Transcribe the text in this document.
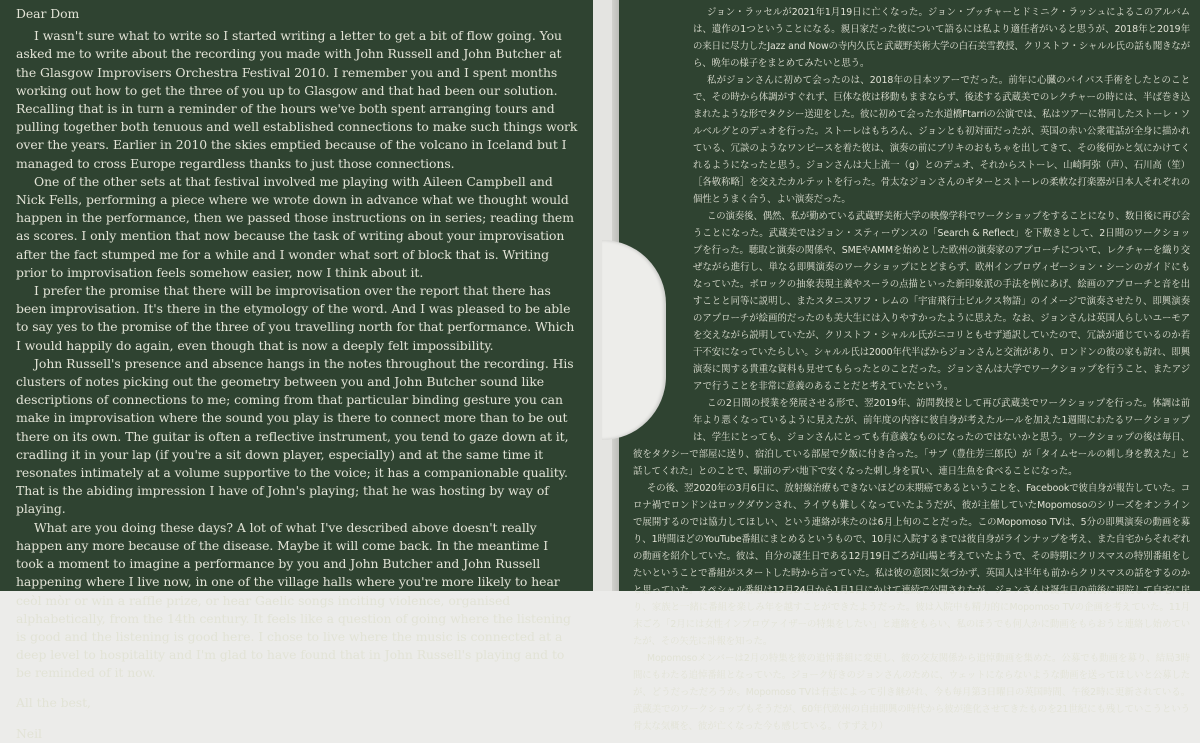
Dear Dom

I wasn't sure what to write so I started writing a letter to get a bit of flow going. You asked me to write about the recording you made with John Russell and John Butcher at the Glasgow Improvisers Orchestra Festival 2010. I remember you and I spent months working out how to get the three of you up to Glasgow and that had been our solution. Recalling that is in turn a reminder of the hours we've both spent arranging tours and pulling together both tenuous and well established connections to make such things work over the years. Earlier in 2010 the skies emptied because of the volcano in Iceland but I managed to cross Europe regardless thanks to just those connections.

One of the other sets at that festival involved me playing with Aileen Campbell and Nick Fells, performing a piece where we wrote down in advance what we thought would happen in the performance, then we passed those instructions on in series; reading them as scores. I only mention that now because the task of writing about your improvisation after the fact stumped me for a while and I wonder what sort of block that is. Writing prior to improvisation feels somehow easier, now I think about it.

I prefer the promise that there will be improvisation over the report that there has been improvisation. It's there in the etymology of the word. And I was pleased to be able to say yes to the promise of the three of you travelling north for that performance. Which I would happily do again, even though that is now a deeply felt impossibility.

John Russell's presence and absence hangs in the notes throughout the recording. His clusters of notes picking out the geometry between you and John Butcher sound like descriptions of connections to me; coming from that particular binding gesture you can make in improvisation where the sound you play is there to connect more than to be out there on its own. The guitar is often a reflective instrument, you tend to gaze down at it, cradling it in your lap (if you're a sit down player, especially) and at the same time it resonates intimately at a volume supportive to the voice; it has a companionable quality. That is the abiding impression I have of John's playing; that he was hosting by way of playing.

What are you doing these days? A lot of what I've described above doesn't really happen any more because of the disease. Maybe it will come back. In the meantime I took a moment to imagine a performance by you and John Butcher and John Russell happening where I live now, in one of the village halls where you're more likely to hear ceòl mòr or win a raffle prize, or hear Gaelic songs inciting violence, organised alphabetically, from the 14th century. It feels like a question of going where the listening is good and the listening is good here. I chose to live where the music is connected at a deep level to hospitality and I'm glad to have found that in John Russell's playing and to be reminded of it now.

All the best,

Neil

ジョン・ラッセルが2021年1月19日に亡くなった。ジョン・ブッチャーとドミニク・ラッシュによるこのアルバムは、遺作の1つということになる。親日家だった彼について語るには私より適任者がいると思うが、2018年と2019年の来日に尽力したJazz and Nowの寺内久氏と武蔵野美術大学の白石美雪教授、クリストフ・シャルル氏の話も聞きながら、晩年の様子をまとめてみたいと思う。

私がジョンさんに初めて会ったのは、2018年の日本ツアーでだった。前年に心臓のバイパス手術をしたとのことで、その時から体調がすぐれず、巨体な彼は移動もままならず、後述する武蔵美でのレクチャーの時には、半ば巻き込まれたような形でタクシー送迎をした。彼に初めて会った水道橋Ftarriの公演では、私はツアーに帯同したストーレ・ソルベルグとのデュオを行った。ストーレはもちろん、ジョンとも初対面だったが、英国の赤い公衆電話が全身に描かれている、冗談のようなワンピースを着た彼は、演奏の前にブリキのおもちゃを出してきて、その後何かと気にかけてくれるようになったと思う。ジョンさんは大上流一（g）とのデュオ、それからストーレ、山崎阿弥（声）、石川高（笙）［各敬称略］を交えたカルテットを行った。骨太なジョンさんのギターとストーレの柔軟な打楽器が日本人それぞれの個性とうまく合う、よい演奏だった。

この演奏後、偶然、私が勤めている武蔵野美術大学の映像学科でワークショップをすることになり、数日後に再び会うことになった。武蔵美ではジョン・スティーヴンスの「Search & Reflect」を下敷きとして、2日間のワークショップを行った。聴取と演奏の関係や、SMEやAMMを始めとした欧州の演奏家のアプローチについて、レクチャーを織り交ぜながら進行し、単なる即興演奏のワークショップにとどまらず、欧州インプロヴィゼーション・シーンのガイドにもなっていた。ボロックの抽象表現主義やスーラの点描といった新印象派の手法を例にあげ、絵画のアプローチと音を出すことと同等に説明し、またスタニスワフ・レムの「宇宙飛行士ピルクス物語」のイメージで演奏させたり、即興演奏のアプローチが絵画的だったのも美大生には入りやすかったように思えた。なお、ジョンさんは英国人らしいユーモアを交えながら説明していたが、クリストフ・シャルル氏がニコリともせず通訳していたので、冗談が通じているのか若干不安になっていたらしい。シャルル氏は2000年代半ばからジョンさんと交流があり、ロンドンの彼の家も訪れ、即興演奏に関する貴重な資料も見せてもらったとのことだった。ジョンさんは大学でワークショップを行うこと、またアジアで行うことを非常に意義のあることだと考えていたという。

この2日間の授業を発展させる形で、翌2019年、訪問教授として再び武蔵美でワークショップを行った。体調は前年より悪くなっているように見えたが、前年度の内容に彼自身が考えたルールを加えた1週間にわたるワークショップは、学生にとっても、ジョンさんにとっても有意義なものになったのではないかと思う。ワークショップの後は毎日、彼をタクシーで部屋に送り、宿泊している部屋で夕飯に付き合った。「サブ（豊住芳三郎氏）が「タイムセールの刺し身を教えた」と話してくれた」とのことで、駅前のデパ地下で安くなった刺し身を買い、連日生魚を食べることになった。

その後、翌2020年の3月6日に、放射線治療もできないほどの末期癌であるということを、Facebookで彼自身が報告していた。コロナ禍でロンドンはロックダウンされ、ライヴも難しくなっていたようだが、彼が主催していたMopomosoのシリーズをオンラインで展開するのでは協力してほしい、という連絡が来たのは6月上旬のことだった。このMopomoso TVは、5分の即興演奏の動画を募り、1時間ほどのYouTube番組にまとめるというもので、10月に入院するまでは彼自身がラインナップを考え、また自宅からそれぞれの動画を紹介していた。彼は、自分の誕生日である12月19日ごろが山場と考えていたようで、その時期にクリスマスの特別番組をしたいということで番組がスタートした時から言っていた。私は彼の意図に気づかず、英国人は半年も前からクリスマスの話をするのかと思っていた。スペシャル番組は12月24日から1月1日にかけて連続で公開されたが、ジョンさんは誕生日の前後に退院して自宅に戻り、家族と一緒に番組を楽しみ年を越すことができたようだった。彼は入院中も精力的にMopomoso TVの企画を考えていた。11月末ごろ「2月には女性インプロヴァイザーの特集をしたい」と連絡をもらい、私のほうでも何人かに動画をもらおうと連絡し始めていたが、その矢先に訃報を知った。

Mopomosoメンバーは2月の特集を彼の追悼番組に変更し、彼の交友関係から追悼動画を集めた。公募でも動画を募り、結局3時間にもわたる追悼番組となっていた。ジョーク好きのジョンさんのために、ウェットにならないような動画を送ってほしいと公募したが、どうだっただろうか。Mopomoso TVは有志によって引き継がれ、今も毎月第3日曜日の英国時間、午後2時に更新されている。武蔵美でのワークショップもそうだが、60年代欧州の自由即興の時代から彼が進化させてきたものを21世紀にも残していこうという骨太な気概を、彼が亡くなった今も感じている。（すずえり）
